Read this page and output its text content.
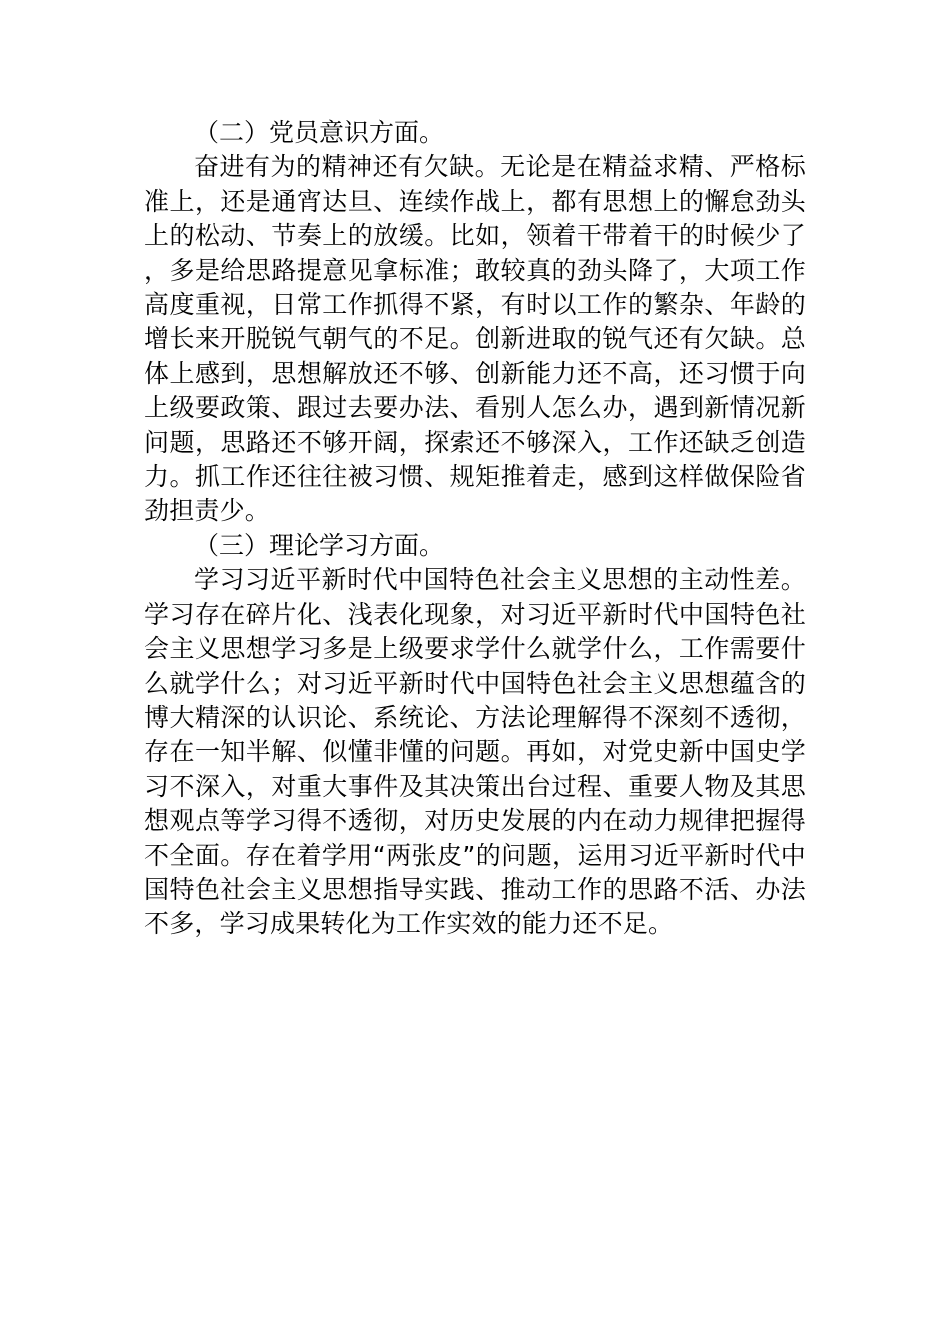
（二）党员意识方面。

奋进有为的精神还有欠缺。无论是在精益求精、严格标准上，还是通宵达旦、连续作战上，都有思想上的懈怠劲头上的松动、节奏上的放缓。比如，领着干带着干的时候少了，多是给思路提意见拿标准；敢较真的劲头降了，大项工作高度重视，日常工作抓得不紧，有时以工作的繁杂、年龄的增长来开脱锐气朝气的不足。创新进取的锐气还有欠缺。总体上感到，思想解放还不够、创新能力还不高，还习惯于向上级要政策、跟过去要办法、看别人怎么办，遇到新情况新问题，思路还不够开阔，探索还不够深入，工作还缺乏创造力。抓工作还往往被习惯、规矩推着走，感到这样做保险省劲担责少。

（三）理论学习方面。

学习习近平新时代中国特色社会主义思想的主动性差。学习存在碎片化、浅表化现象，对习近平新时代中国特色社会主义思想学习多是上级要求学什么就学什么，工作需要什么就学什么；对习近平新时代中国特色社会主义思想蕴含的博大精深的认识论、系统论、方法论理解得不深刻不透彻，存在一知半解、似懂非懂的问题。再如，对党史新中国史学习不深入，对重大事件及其决策出台过程、重要人物及其思想观点等学习得不透彻，对历史发展的内在动力规律把握得不全面。存在着学用“两张皮”的问题，运用习近平新时代中国特色社会主义思想指导实践、推动工作的思路不活、办法不多，学习成果转化为工作实效的能力还不足。
